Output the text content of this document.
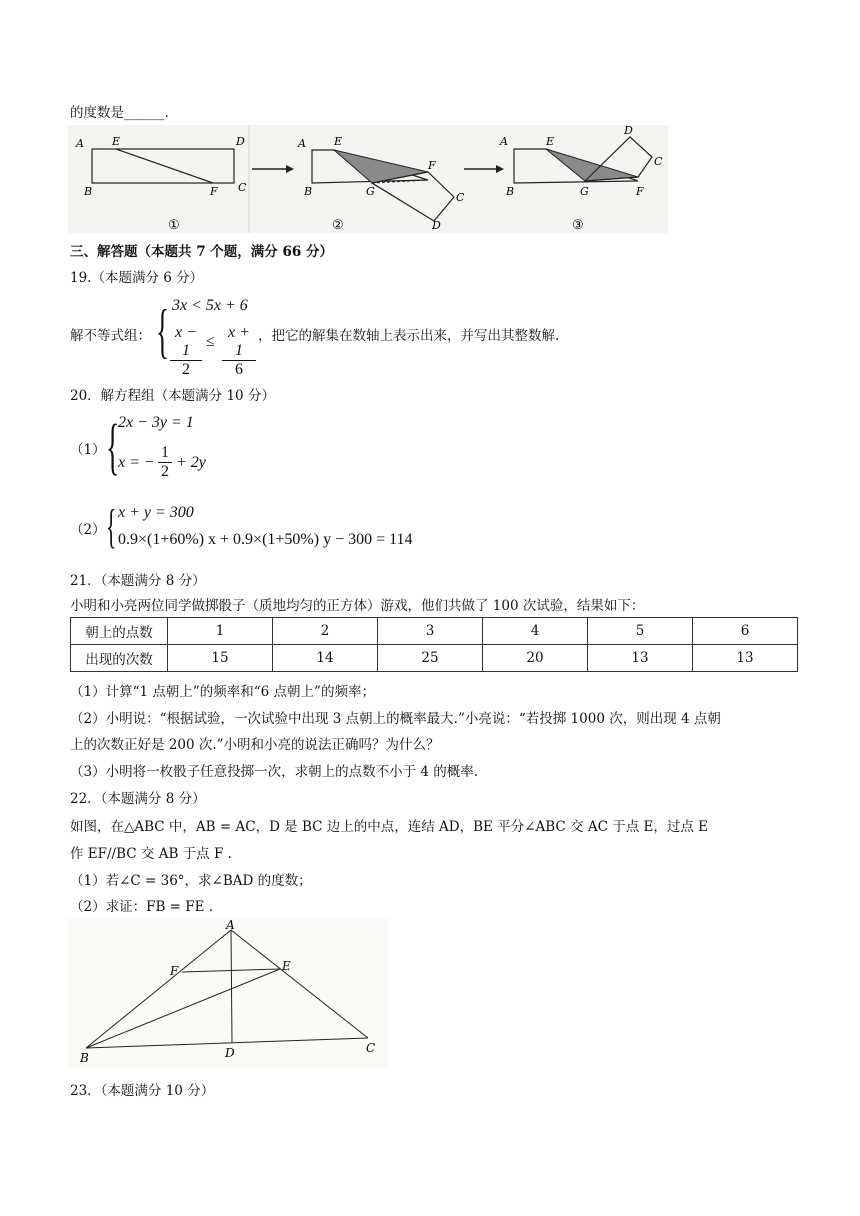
的度数是______.
A	E	D
B	F C
①
A	E
F
B	G	C
D
②
A	E
D
C
B	G	F
③
三、解答题（本题共 7 个题，满分 66 分）
19.（本题满分 6 分）
解不等式组： { 3x < 5x + 6
$\frac{x - 1}{2} \le \frac{x + 1}{6}$ ，把它的解集在数轴上表示出来，并写出其整数解.
20．解方程组（本题满分 10 分）
（1） {
2x − 3y = 1
x = − $\frac{1}{2} + 2y$
（2） { x + y = 300
0.9×(1+60%) x + 0.9×(1+50%) y − 300 = 114
21．（本题满分 8 分）
小明和小亮两位同学做掷骰子（质地均匀的正方体）游戏，他们共做了 100 次试验，结果如下：
朝上的点数	1	2	3	4	5	6
出现的次数	15	14	25	20	13	13
（1）计算“1 点朝上”的频率和“6 点朝上”的频率；
（2）小明说：“根据试验，一次试验中出现 3 点朝上的概率最大.”小亮说：“若投掷 1000 次，则出现 4 点朝
上的次数正好是 200 次.”小明和小亮的说法正确吗？为什么？
（3）小明将一枚骰子任意投掷一次，求朝上的点数不小于 4 的概率.
22．（本题满分 8 分）
如图，在△ABC 中，AB = AC，D 是 BC 边上的中点，连结 AD，BE 平分∠ABC 交 AC 于点 E，过点 E
作 EF//BC 交 AB 于点 F .
（1）若∠C = 36°，求∠BAD 的度数；
（2）求证：FB = FE .
A
F	E
B	D	C
23．（本题满分 10 分）
